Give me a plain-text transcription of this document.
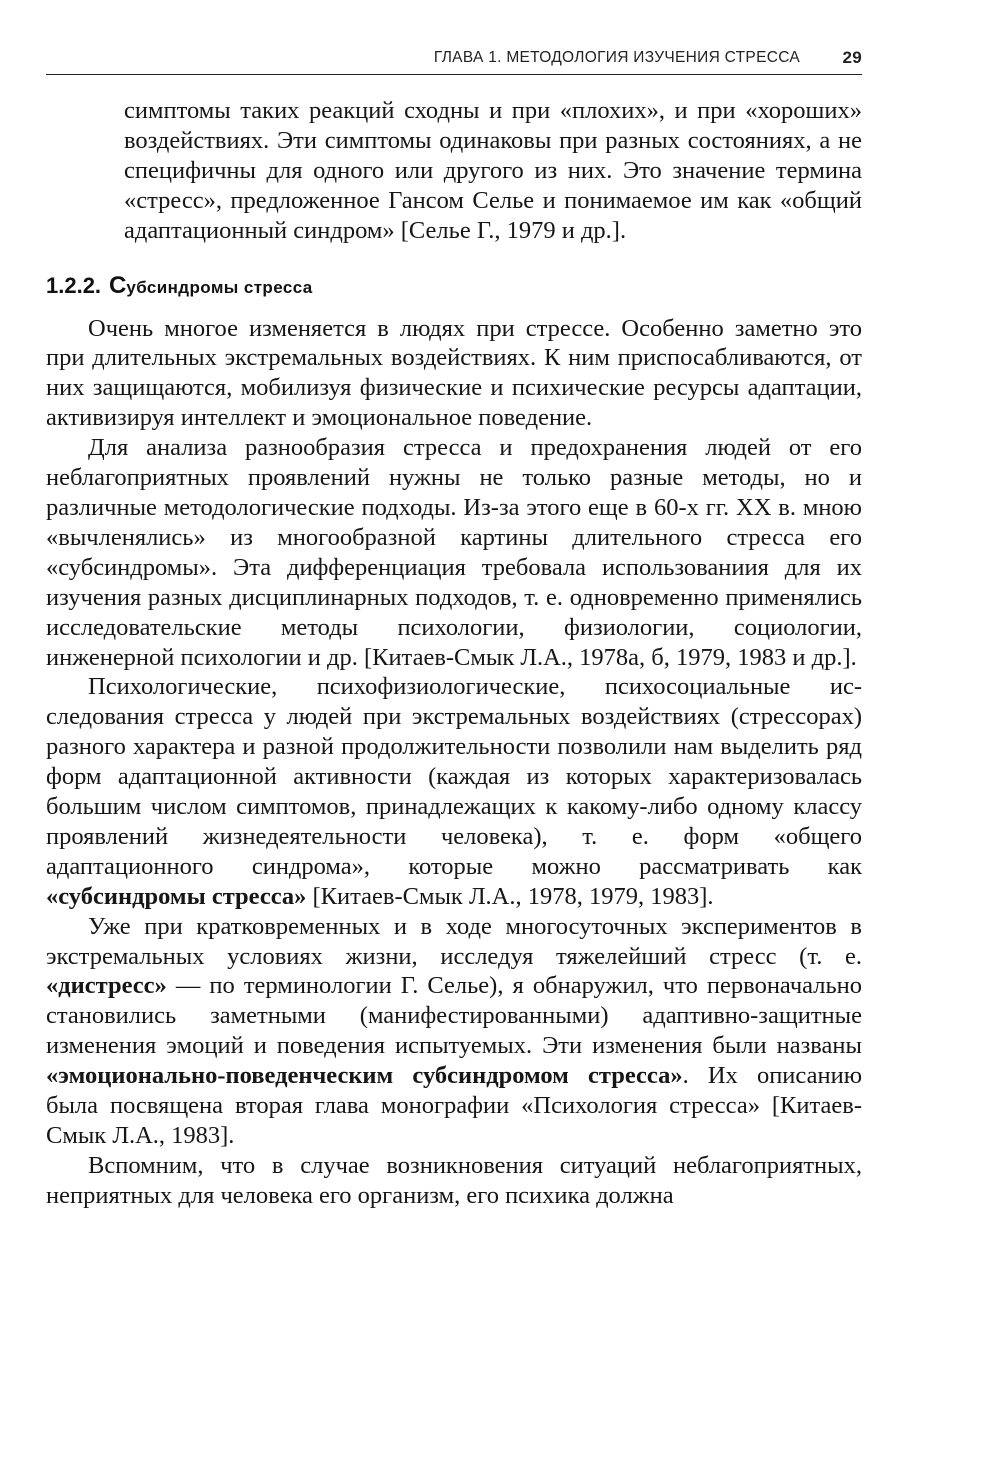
ГЛАВА 1. МЕТОДОЛОГИЯ ИЗУЧЕНИЯ СТРЕССА 29

симптомы таких реакций сходны и при «плохих», и при «хороших» воздействиях. Эти симптомы одинаковы при разных состояниях, а не специфичны для одного или другого из них. Это значение термина «стресс», предложенное Гансом Селье и понимаемое им как «общий адаптационный синдром» [Селье Г., 1979 и др.].

1.2.2. Субсиндромы стресса

Очень многое изменяется в людях при стрессе. Особенно заметно это при длительных экстремальных воздействиях. К ним приспосабливаются, от них защищаются, мобилизуя физические и психические ресурсы адаптации, активизируя интеллект и эмоциональное поведение.

Для анализа разнообразия стресса и предохранения людей от его неблагоприятных проявлений нужны не только разные методы, но и различные методологические подходы. Из-за этого еще в 60-х гг. XX в. мною «вычленялись» из многообразной картины длительного стресса его «субсиндромы». Эта дифференциация требовала использованиия для их изучения разных дисциплинарных подходов, т. е. одновременно применялись исследовательские методы психологии, физиологии, социологии, инженерной психологии и др. [Китаев-Смык Л.А., 1978а, б, 1979, 1983 и др.].

Психологические, психофизиологические, психосоциальные исследования стресса у людей при экстремальных воздействиях (стрессорах) разного характера и разной продолжительности позволили нам выделить ряд форм адаптационной активности (каждая из которых характеризовалась большим числом симптомов, принадлежащих к какому-либо одному классу проявлений жизнедеятельности человека), т. е. форм «общего адаптационного синдрома», которые можно рассматривать как «субсиндромы стресса» [Китаев-Смык Л.А., 1978, 1979, 1983].

Уже при кратковременных и в ходе многосуточных экспериментов в экстремальных условиях жизни, исследуя тяжелейший стресс (т. е. «дистресс» — по терминологии Г. Селье), я обнаружил, что первоначально становились заметными (манифестированными) адаптивно-защитные изменения эмоций и поведения испытуемых. Эти изменения были названы «эмоционально-поведенческим субсиндромом стресса». Их описанию была посвящена вторая глава монографии «Психология стресса» [Китаев-Смык Л.А., 1983].

Вспомним, что в случае возникновения ситуаций неблагоприятных, неприятных для человека его организм, его психика должна
